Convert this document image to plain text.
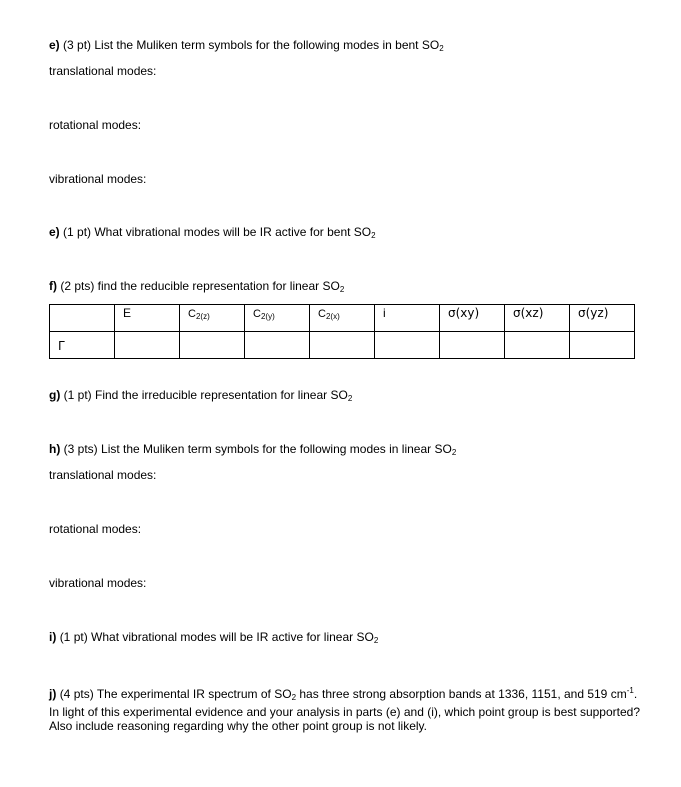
e) (3 pt) List the Muliken term symbols for the following modes in bent $SO_2$
translational modes:
rotational modes:
vibrational modes:
e) (1 pt) What vibrational modes will be IR active for bent $SO_2$
f) (2 pts) find the reducible representation for linear $SO_2$
	E	$C_{2(z)}$	$C_{2(y)}$	$C_{2(x)}$	i	σ(xy)	σ(xz)	σ(yz)
Γ								
g) (1 pt) Find the irreducible representation for linear $SO_2$
h) (3 pts) List the Muliken term symbols for the following modes in linear $SO_2$
translational modes:
rotational modes:
vibrational modes:
i) (1 pt) What vibrational modes will be IR active for linear $SO_2$
j) (4 pts) The experimental IR spectrum of $SO_2$ has three strong absorption bands at 1336, 1151, and 519 $cm^{-1}$. In light of this experimental evidence and your analysis in parts (e) and (i), which point group is best supported? Also include reasoning regarding why the other point group is not likely.
